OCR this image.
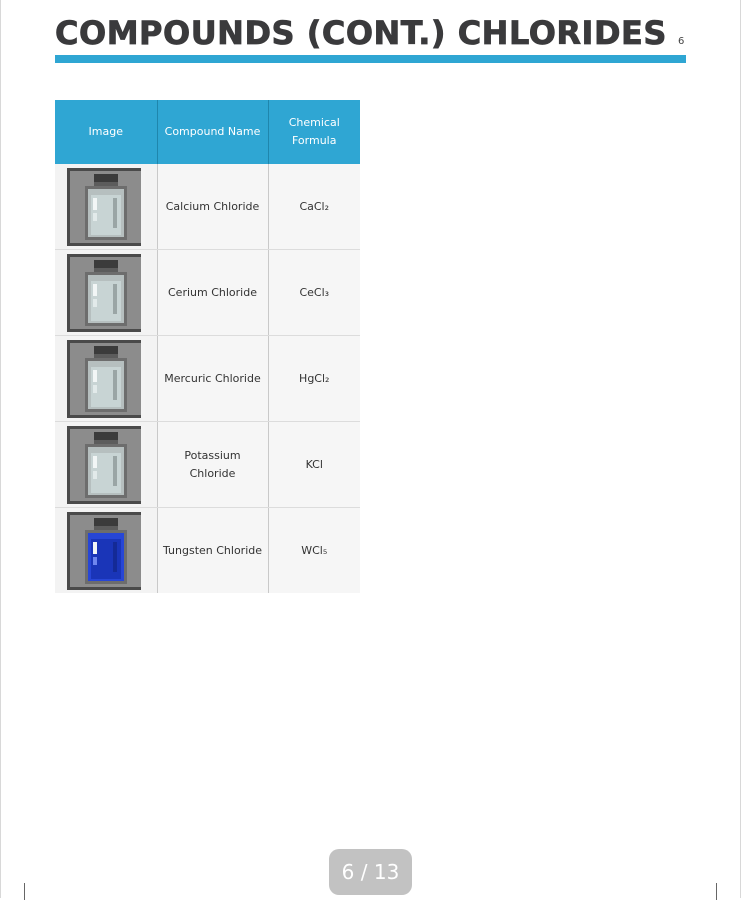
COMPOUNDS (CONT.) CHLORIDES 6
Image	Compound Name	Chemical Formula

	Calcium Chloride	CaCl₂

	Cerium Chloride	CeCl₃

	Mercuric Chloride	HgCl₂

	Potassium Chloride	KCl

	Tungsten Chloride	WCl₅
6 / 13
